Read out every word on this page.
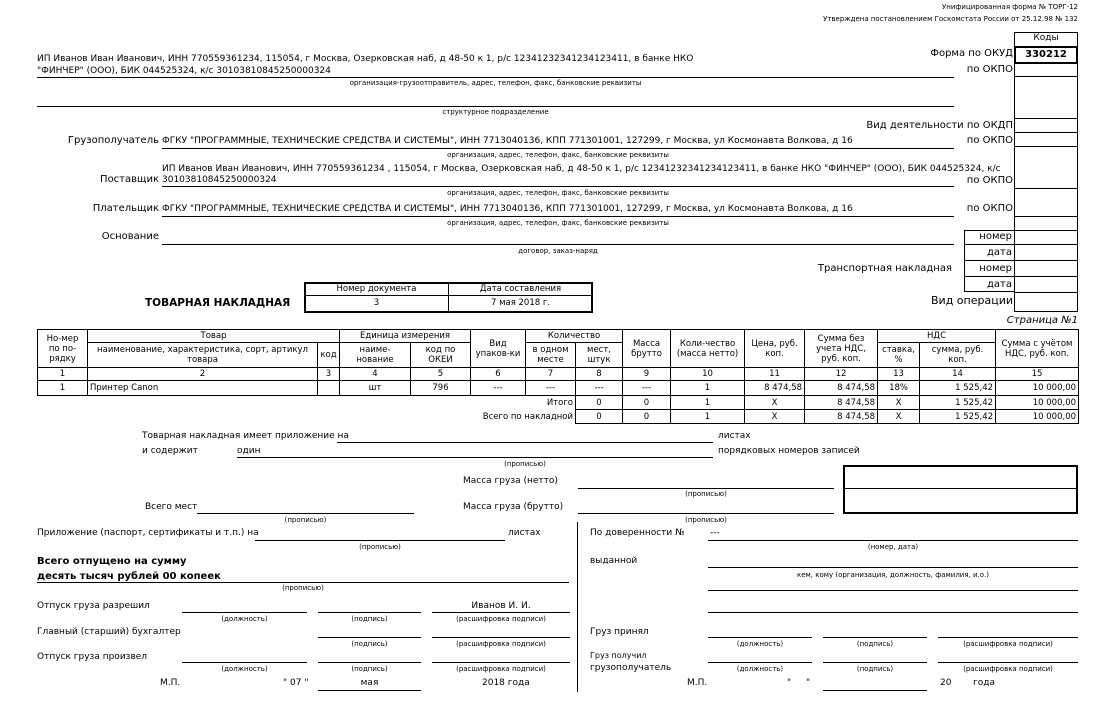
Унифицированная форма № ТОРГ-12
Утверждена постановлением Госкомстата России от 25.12.98 № 132
Коды
330212
Форма по ОКУД
по ОКПО
Вид деятельности по ОКДП
по ОКПО
по ОКПО
по ОКПО
номер
дата
номер
дата
Транспортная накладная
Вид операции
ИП Иванов Иван Иванович, ИНН 770559361234, 115054, г Москва, Озерковская наб, д 48-50 к 1, р/с 12341232341234123411, в банке НКО
"ФИНЧЕР" (ООО), БИК 044525324, к/с 30103810845250000324
организация-грузоотправитель, адрес, телефон, факс, банковские реквизиты
структурное подразделение
Грузополучатель ФГКУ "ПРОГРАММНЫЕ, ТЕХНИЧЕСКИЕ СРЕДСТВА И СИСТЕМЫ", ИНН 7713040136, КПП 771301001, 127299, г Москва, ул Космонавта Волкова, д 16
организация, адрес, телефон, факс, банковские реквизиты
Поставщик
ИП Иванов Иван Иванович, ИНН 770559361234 , 115054, г Москва, Озерковская наб, д 48-50 к 1, р/с 12341232341234123411, в банке НКО "ФИНЧЕР" (ООО), БИК 044525324, к/с
30103810845250000324
организация, адрес, телефон, факс, банковские реквизиты
Плательщик ФГКУ "ПРОГРАММНЫЕ, ТЕХНИЧЕСКИЕ СРЕДСТВА И СИСТЕМЫ", ИНН 7713040136, КПП 771301001, 127299, г Москва, ул Космонавта Волкова, д 16
организация, адрес, телефон, факс, банковские реквизиты
Основание
договор, заказ-наряд
ТОВАРНАЯ НАКЛАДНАЯ
Номер документа	Дата составления
3	7 мая 2018 г.
Страница №1
Но-мер по по-рядку	Товар		Единица измерения		Вид упаков-ки	Количество		Масса брутто	Коли-чество (масса нетто)	Цена, руб. коп.	Сумма без учета НДС, руб. коп.	НДС		Сумма с учётом НДС, руб. коп.
	наименование, характеристика, сорт, артикул товара	код	наиме-нование	код по ОКЕИ		в одном месте	мест, штук					ставка, %	сумма, руб. коп.	
1	2	3	4	5	6	7	8	9	10	11	12	13	14	15
1	Принтер Canon		шт	796	---	---	---	---	1	8 474,58	8 474,58	18%	1 525,42	10 000,00
						Итого	0	0	1	X	8 474,58	X	1 525,42	10 000,00
						Всего по накладной	0	0	1	X	8 474,58	X	1 525,42	10 000,00
Товарная накладная имеет приложение на	листах
и содержит	один	порядковых номеров записей
(прописью)
Масса груза (нетто)
(прописью)
Масса груза (брутто)
(прописью)
Всего мест
(прописью)
Приложение (паспорт, сертификаты и т.п.) на	листах
(прописью)
Всего отпущено на сумму
десять тысяч рублей 00 копеек
(прописью)
По доверенности №	---
(номер, дата)
выданной
кем, кому (организация, должность, фамилия, и.о.)
Отпуск груза разрешил	Иванов И. И.
(должность)	(подпись)	(расшифровка подписи)
Главный (старший) бухгалтер
(подпись)	(расшифровка подписи)
Отпуск груза произвел
(должность)	(подпись)	(расшифровка подписи)
М.П.	" 07 "	мая	2018 года
Груз принял
(должность)	(подпись)	(расшифровка подписи)
Груз получил
грузополучатель	(должность)	(подпись)	(расшифровка подписи)
М.П.	" "	20 года
